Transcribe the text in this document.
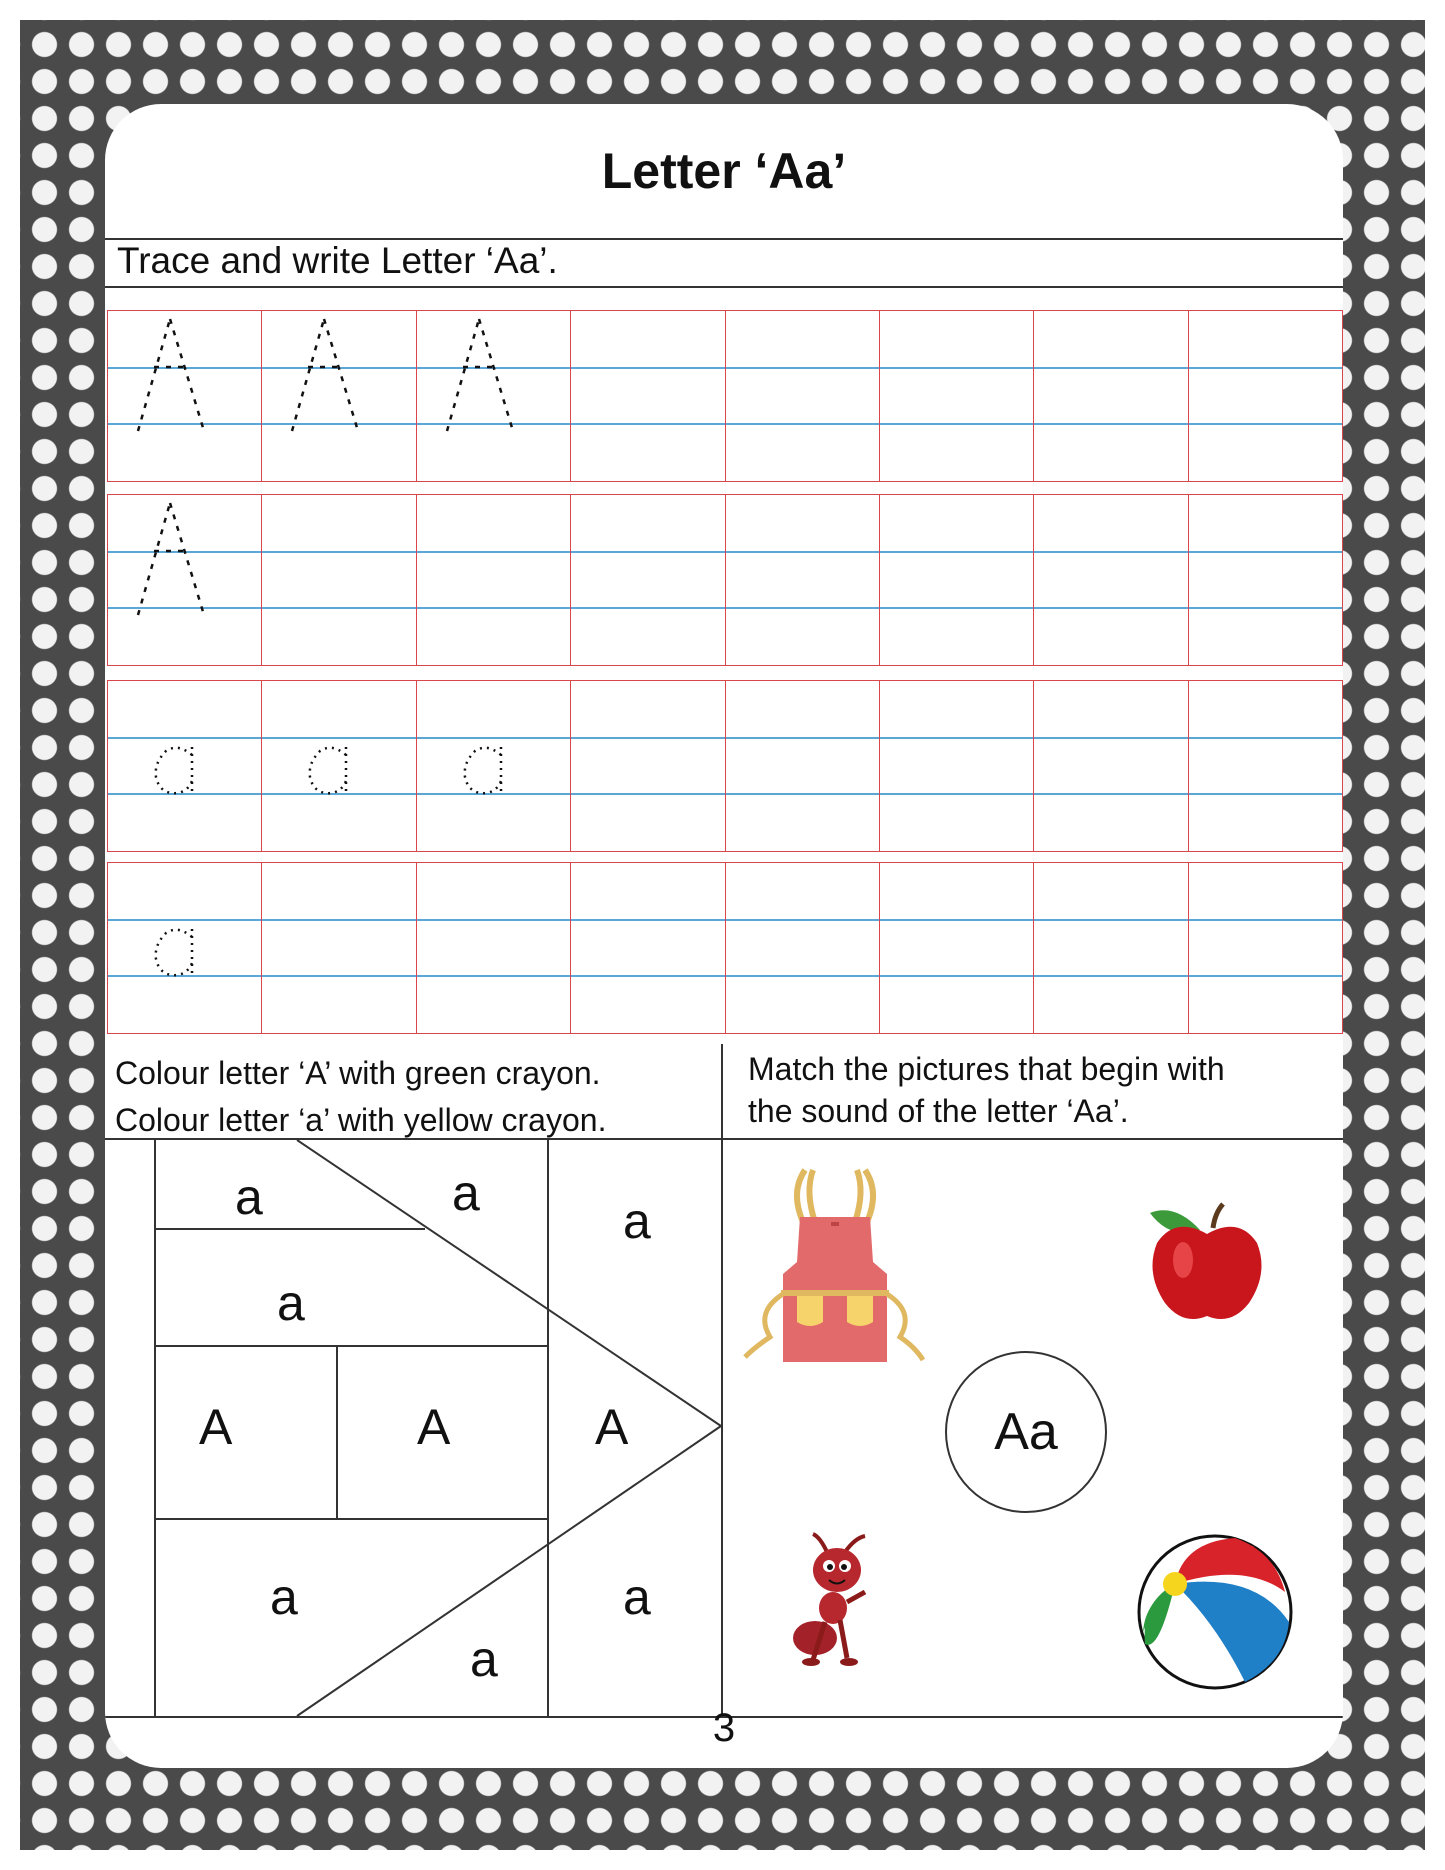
Letter ‘Aa’
Trace and write Letter ‘Aa’.
Colour letter ‘A’ with green crayon.
Colour letter ‘a’ with yellow crayon.
Match the pictures that begin with
the sound of the letter ‘Aa’.
a	a	a
a
A	A	A
a	a
a
Aa
3
